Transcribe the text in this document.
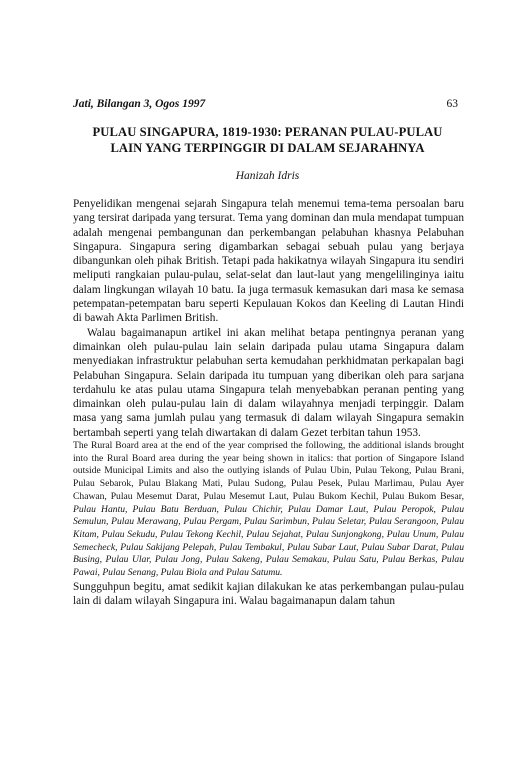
Jati, Bilangan 3, Ogos 1997	63
PULAU SINGAPURA, 1819-1930: PERANAN PULAU-PULAU
LAIN YANG TERPINGGIR DI DALAM SEJARAHNYA
Hanizah Idris

Penyelidikan mengenai sejarah Singapura telah menemui tema-tema persoalan baru yang tersirat daripada yang tersurat. Tema yang dominan dan mula mendapat tumpuan adalah mengenai pembangunan dan perkembangan pelabuhan khasnya Pelabuhan Singapura. Singapura sering digambarkan sebagai sebuah pulau yang berjaya dibangunkan oleh pihak British. Tetapi pada hakikatnya wilayah Singapura itu sendiri meliputi rangkaian pulau-pulau, selat-selat dan laut-laut yang mengelilinginya iaitu dalam lingkungan wilayah 10 batu. Ia juga termasuk kemasukan dari masa ke semasa petempatan-petempatan baru seperti Kepulauan Kokos dan Keeling di Lautan Hindi di bawah Akta Parlimen British.

Walau bagaimanapun artikel ini akan melihat betapa pentingnya peranan yang dimainkan oleh pulau-pulau lain selain daripada pulau utama Singapura dalam menyediakan infrastruktur pelabuhan serta kemudahan perkhidmatan perkapalan bagi Pelabuhan Singapura. Selain daripada itu tumpuan yang diberikan oleh para sarjana terdahulu ke atas pulau utama Singapura telah menyebabkan peranan penting yang dimainkan oleh pulau-pulau lain di dalam wilayahnya menjadi terpinggir. Dalam masa yang sama jumlah pulau yang termasuk di dalam wilayah Singapura semakin bertambah seperti yang telah diwartakan di dalam Gezet terbitan tahun 1953.

The Rural Board area at the end of the year comprised the following, the additional islands brought into the Rural Board area during the year being shown in italics: that portion of Singapore Island outside Municipal Limits and also the outlying islands of Pulau Ubin, Pulau Tekong, Pulau Brani, Pulau Sebarok, Pulau Blakang Mati, Pulau Sudong, Pulau Pesek, Pulau Marlimau, Pulau Ayer Chawan, Pulau Mesemut Darat, Pulau Mesemut Laut, Pulau Bukom Kechil, Pulau Bukom Besar, Pulau Hantu, Pulau Batu Berduan, Pulau Chichir, Pulau Damar Laut, Pulau Peropok, Pulau Semulun, Pulau Merawang, Pulau Pergam, Pulau Sarimbun, Pulau Seletar, Pulau Serangoon, Pulau Kitam, Pulau Sekudu, Pulau Tekong Kechil, Pulau Sejahat, Pulau Sunjongkong, Pulau Unum, Pulau Semecheck, Pulau Sakijang Pelepah, Pulau Tembakul, Pulau Subar Laut, Pulau Subar Darat, Pulau Busing, Pulau Ular, Pulau Jong, Pulau Sakeng, Pulau Semakau, Pulau Satu, Pulau Berkas, Pulau Pawai, Pulau Senang, Pulau Biola and Pulau Satumu.

Sungguhpun begitu, amat sedikit kajian dilakukan ke atas perkembangan pulau-pulau lain di dalam wilayah Singapura ini. Walau bagaimanapun dalam tahun
